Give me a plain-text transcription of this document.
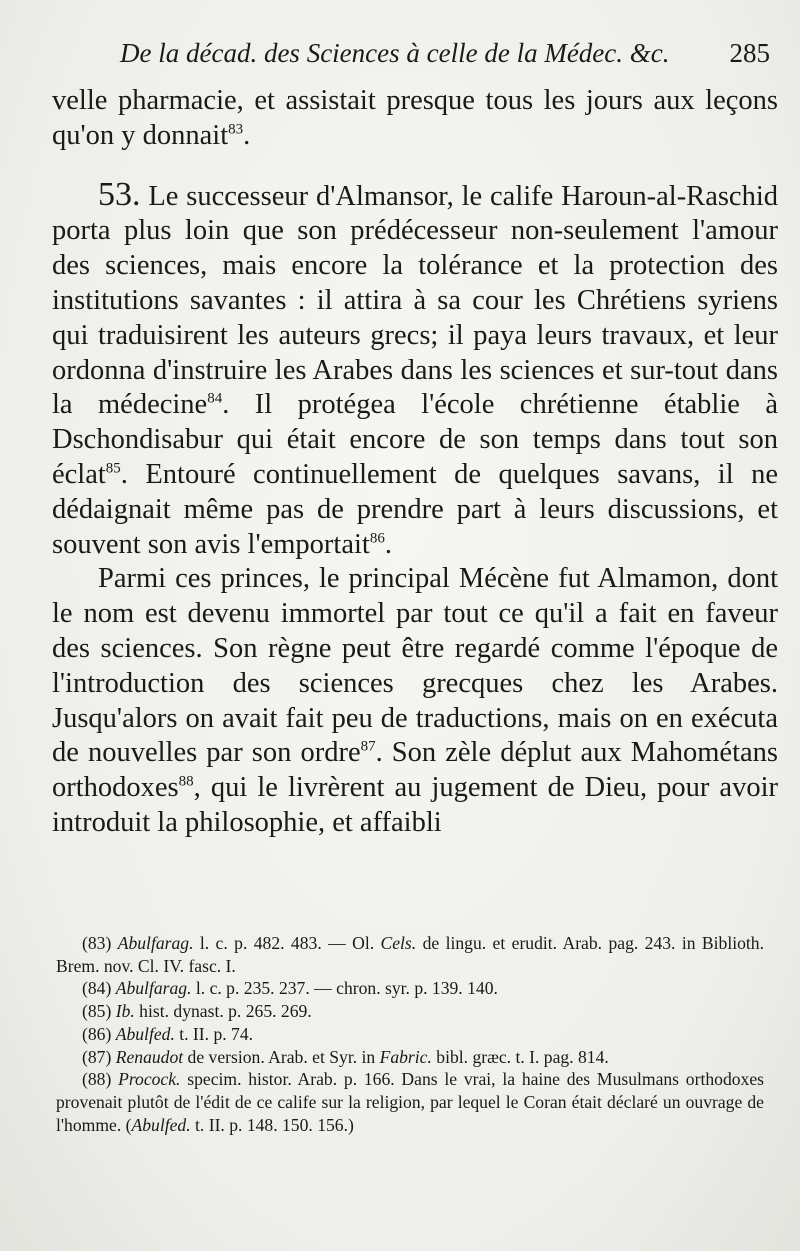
De la décad. des Sciences à celle de la Médec. &c. 285

velle pharmacie, et assistait presque tous les jours aux leçons qu'on y donnait$^{83}$.

53. Le successeur d'Almansor, le calife Haroun-al-Raschid porta plus loin que son prédécesseur non-seulement l'amour des sciences, mais encore la tolérance et la protection des institutions savantes : il attira à sa cour les Chrétiens syriens qui traduisirent les auteurs grecs; il paya leurs travaux, et leur ordonna d'instruire les Arabes dans les sciences et sur-tout dans la médecine$^{84}$. Il protégea l'école chrétienne établie à Dschondisabur qui était encore de son temps dans tout son éclat$^{85}$. Entouré continuellement de quelques savans, il ne dédaignait même pas de prendre part à leurs discussions, et souvent son avis l'emportait$^{86}$.

Parmi ces princes, le principal Mécène fut Almamon, dont le nom est devenu immortel par tout ce qu'il a fait en faveur des sciences. Son règne peut être regardé comme l'époque de l'introduction des sciences grecques chez les Arabes. Jusqu'alors on avait fait peu de traductions, mais on en exécuta de nouvelles par son ordre$^{87}$. Son zèle déplut aux Mahométans orthodoxes$^{88}$, qui le livrèrent au jugement de Dieu, pour avoir introduit la philosophie, et affaibli

(83) Abulfarag. l. c. p. 482. 483. — Ol. Cels. de lingu. et erudit. Arab. pag. 243. in Biblioth. Brem. nov. Cl. IV. fasc. I.

(84) Abulfarag. l. c. p. 235. 237. — chron. syr. p. 139. 140.

(85) Ib. hist. dynast. p. 265. 269.

(86) Abulfed. t. II. p. 74.

(87) Renaudot de version. Arab. et Syr. in Fabric. bibl. græc. t. I. pag. 814.

(88) Procock. specim. histor. Arab. p. 166. Dans le vrai, la haine des Musulmans orthodoxes provenait plutôt de l'édit de ce calife sur la religion, par lequel le Coran était déclaré un ouvrage de l'homme. (Abulfed. t. II. p. 148. 150. 156.)
